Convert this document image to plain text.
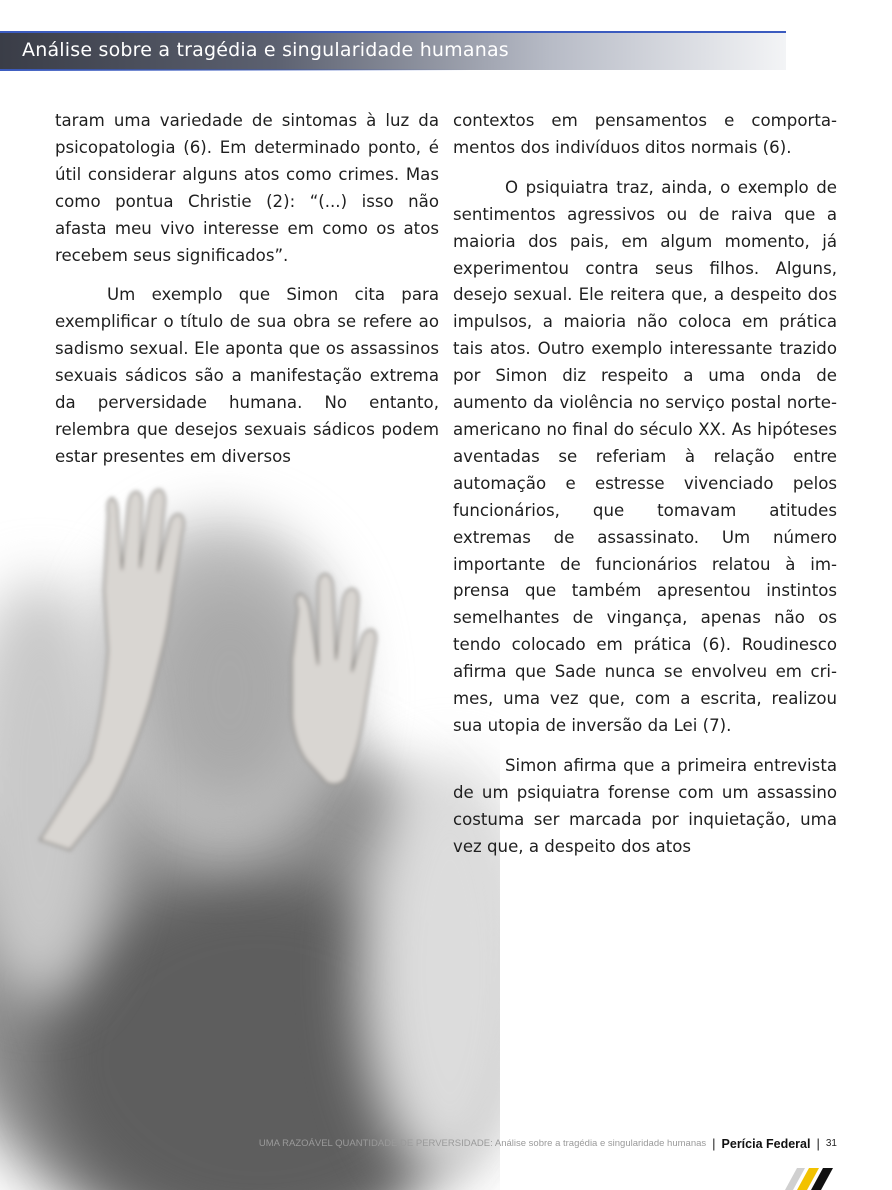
Análise sobre a tragédia e singularidade humanas

taram uma variedade de sintomas à luz da psicopatologia (6). Em determinado ponto, é útil considerar alguns atos como crimes. Mas como pontua Christie (2): “(...) isso não afasta meu vivo interesse em como os atos recebem seus significados”.

Um exemplo que Simon cita para exemplificar o título de sua obra se refere ao sadismo sexual. Ele aponta que os assassinos sexuais sádicos são a manifestação extrema da perversidade humana. No entanto, relembra que desejos sexuais sádicos podem estar presentes em diversos

contextos em pensamentos e comportamentos dos indivíduos ditos normais (6).

O psiquiatra traz, ainda, o exemplo de sentimentos agressivos ou de raiva que a maioria dos pais, em algum momento, já experimentou contra seus filhos. Alguns, desejo sexual. Ele reitera que, a despeito dos impulsos, a maioria não coloca em prática tais atos. Outro exemplo interessante trazido por Simon diz respeito a uma onda de aumento da violência no serviço postal norte-americano no final do século XX. As hipóteses aventadas se referiam à relação entre automação e estresse vivenciado pelos funcionários, que tomavam atitudes extremas de assassinato. Um número importante de funcionários relatou à imprensa que também apresentou instintos semelhantes de vingança, apenas não os tendo colocado em prática (6). Roudinesco afirma que Sade nunca se envolveu em crimes, uma vez que, com a escrita, realizou sua utopia de inversão da Lei (7).

Simon afirma que a primeira entrevista de um psiquiatra forense com um assassino costuma ser marcada por inquietação, uma vez que, a despeito dos atos

UMA RAZOÁVEL QUANTIDADE DE PERVERSIDADE: Análise sobre a tragédia e singularidade humanas | Perícia Federal | 31
